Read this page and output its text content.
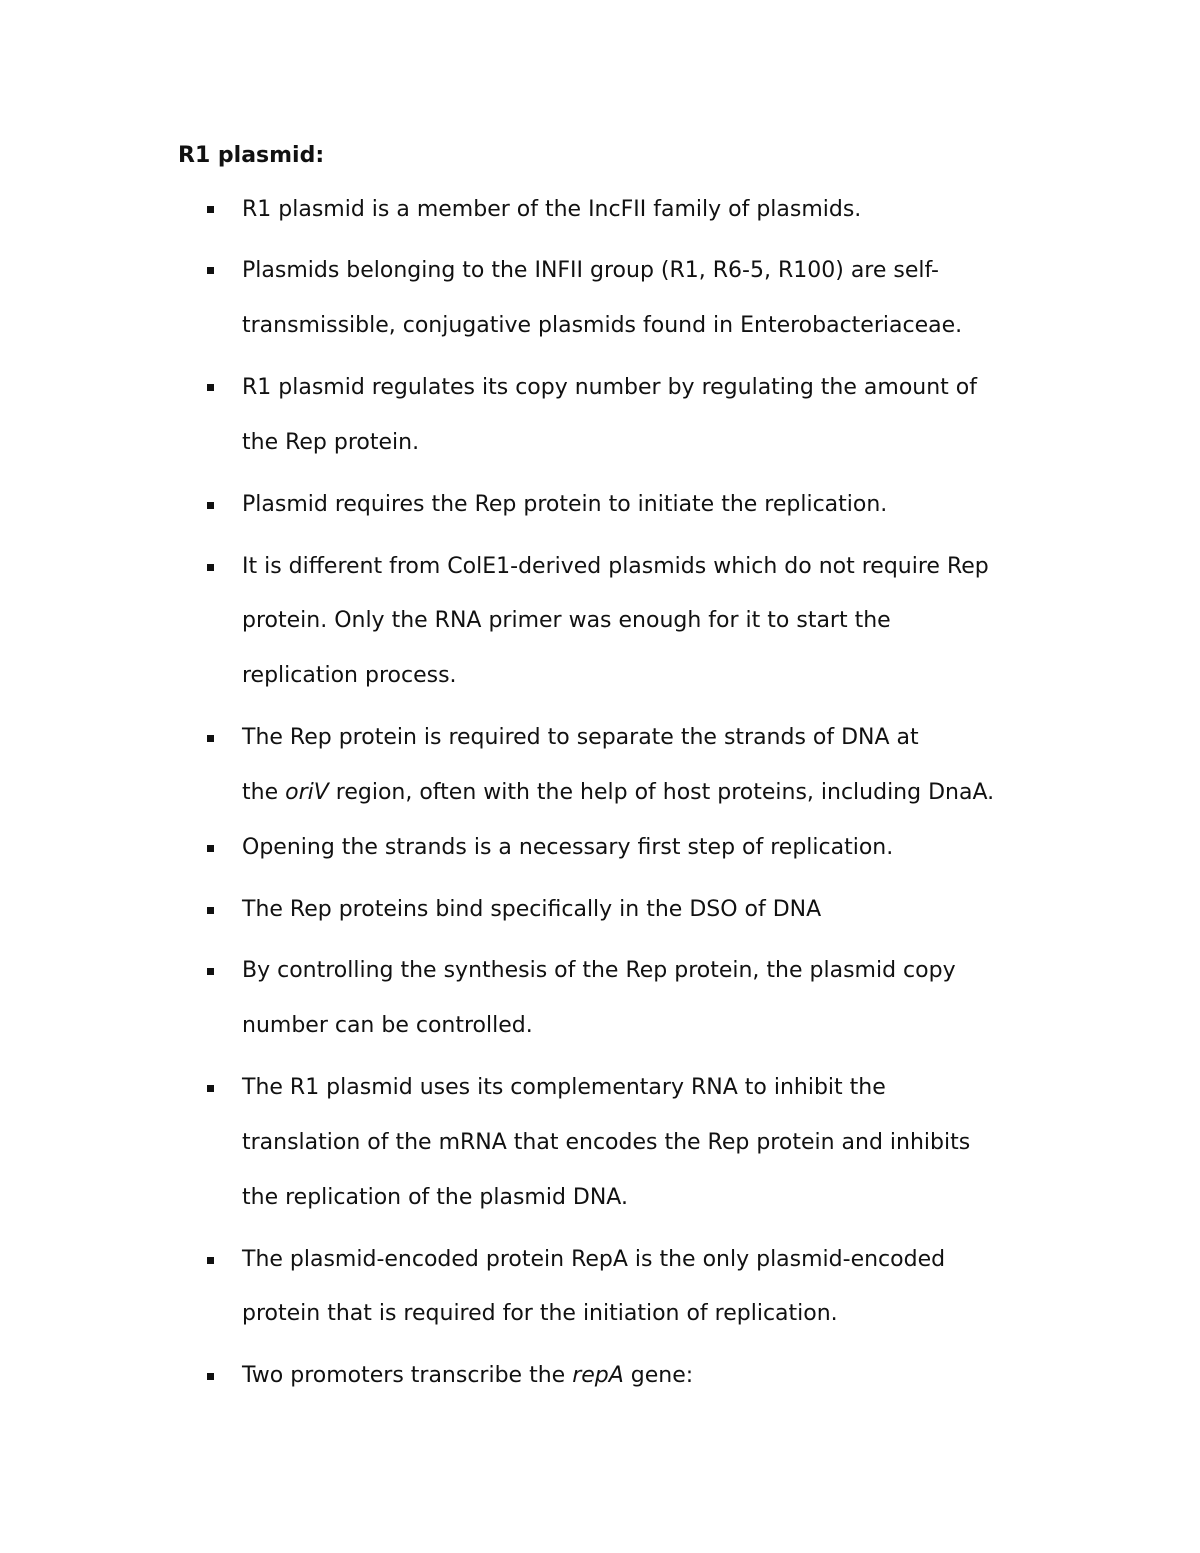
R1 plasmid:
R1 plasmid is a member of the IncFII family of plasmids.
Plasmids belonging to the INFII group (R1, R6-5, R100) are self-
transmissible, conjugative plasmids found in Enterobacteriaceae.
R1 plasmid regulates its copy number by regulating the amount of
the Rep protein.
Plasmid requires the Rep protein to initiate the replication.
It is different from ColE1-derived plasmids which do not require Rep
protein. Only the RNA primer was enough for it to start the
replication process.
The Rep protein is required to separate the strands of DNA at
the oriV region, often with the help of host proteins, including DnaA.
Opening the strands is a necessary first step of replication.
The Rep proteins bind specifically in the DSO of DNA
By controlling the synthesis of the Rep protein, the plasmid copy
number can be controlled.
The R1 plasmid uses its complementary RNA to inhibit the
translation of the mRNA that encodes the Rep protein and inhibits
the replication of the plasmid DNA.
The plasmid-encoded protein RepA is the only plasmid-encoded
protein that is required for the initiation of replication.
Two promoters transcribe the repA gene:
